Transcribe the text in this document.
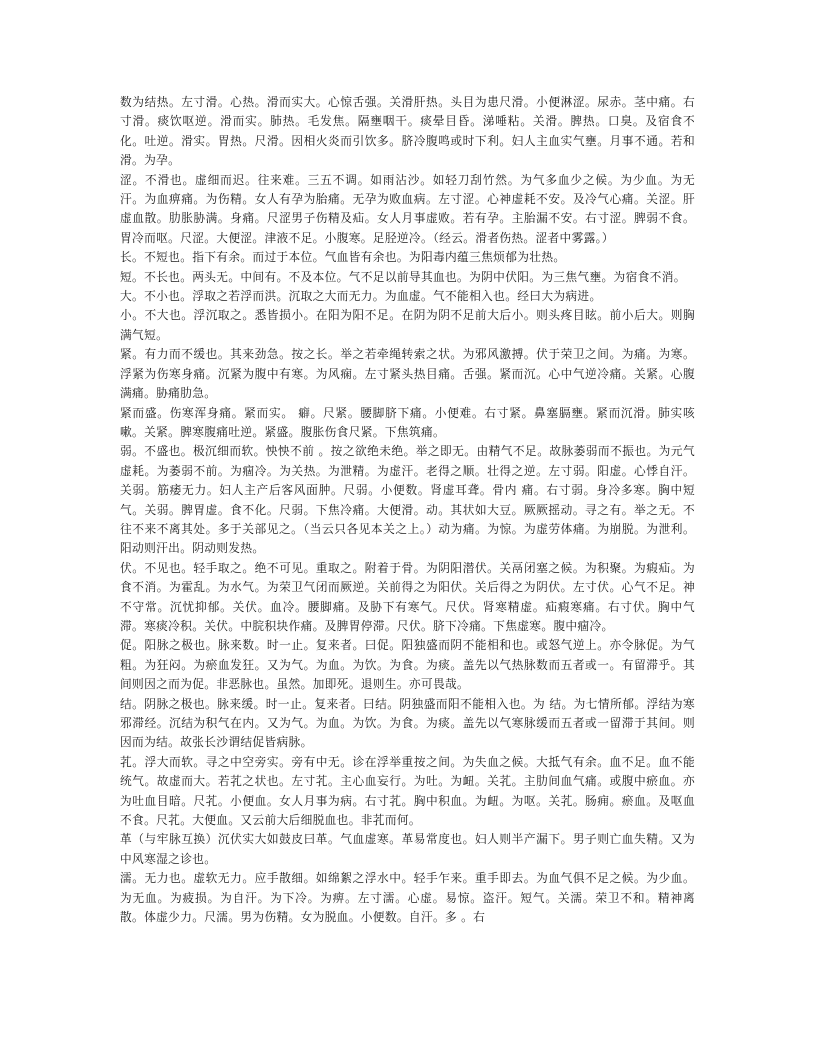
数为结热。左寸滑。心热。滑而实大。心惊舌强。关滑肝热。头目为患尺滑。小便淋涩。尿赤。茎中痛。右寸滑。痰饮呕逆。滑而实。肺热。毛发焦。隔壅咽干。痰晕目昏。涕唾粘。关滑。脾热。口臭。及宿食不化。吐逆。滑实。胃热。尺滑。因相火炎而引饮多。脐冷腹鸣或时下利。妇人主血实气壅。月事不通。若和滑。为孕。

涩。不滑也。虚细而迟。往来难。三五不调。如雨沾沙。如轻刀刮竹然。为气多血少之候。为少血。为无汗。为血痹痛。为伤精。女人有孕为胎痛。无孕为败血病。左寸涩。心神虚耗不安。及冷气心痛。关涩。肝虚血散。肋胀胁满。身痛。尺涩男子伤精及疝。女人月事虚败。若有孕。主胎漏不安。右寸涩。脾弱不食。胃冷而呕。尺涩。大便涩。津液不足。小腹寒。足胫逆冷。（经云。滑者伤热。涩者中雾露。）

长。不短也。指下有余。而过于本位。气血皆有余也。为阳毒内蕴三焦烦郁为壮热。

短。不长也。两头无。中间有。不及本位。气不足以前导其血也。为阴中伏阳。为三焦气壅。为宿食不消。

大。不小也。浮取之若浮而洪。沉取之大而无力。为血虚。气不能相入也。经曰大为病进。

小。不大也。浮沉取之。悉皆损小。在阳为阳不足。在阴为阴不足前大后小。则头疼目眩。前小后大。则胸满气短。

紧。有力而不缓也。其来劲急。按之长。举之若牵绳转索之状。为邪风激搏。伏于荣卫之间。为痛。为寒。浮紧为伤寒身痛。沉紧为腹中有寒。为风痫。左寸紧头热目痛。舌强。紧而沉。心中气逆冷痛。关紧。心腹满痛。胁痛肋急。

紧而盛。伤寒浑身痛。紧而实。 癖。尺紧。腰脚脐下痛。小便难。右寸紧。鼻塞膈壅。紧而沉滑。肺实咳嗽。关紧。脾寒腹痛吐逆。紧盛。腹胀伤食尺紧。下焦筑痛。

弱。不盛也。极沉细而软。怏怏不前 。按之欲绝未绝。举之即无。由精气不足。故脉萎弱而不振也。为元气虚耗。为萎弱不前。为痼冷。为关热。为泄精。为虚汗。老得之顺。壮得之逆。左寸弱。阳虚。心悸自汗。关弱。筋痿无力。妇人主产后客风面肿。尺弱。小便数。肾虚耳聋。骨内 痛。右寸弱。身冷多寒。胸中短气。关弱。脾胃虚。食不化。尺弱。下焦冷痛。大便滑。动。其状如大豆。厥厥摇动。寻之有。举之无。不往不来不离其处。多于关部见之。（当云只各见本关之上。）动为痛。为惊。为虚劳体痛。为崩脱。为泄利。阳动则汗出。阴动则发热。

伏。不见也。轻手取之。绝不可见。重取之。附着于骨。为阴阳潜伏。关鬲闭塞之候。为积聚。为瘕疝。为食不消。为霍乱。为水气。为荣卫气闭而厥逆。关前得之为阳伏。关后得之为阴伏。左寸伏。心气不足。神不守常。沉忧抑郁。关伏。血冷。腰脚痛。及胁下有寒气。尺伏。肾寒精虚。疝瘕寒痛。右寸伏。胸中气滞。寒痰冷积。关伏。中脘积块作痛。及脾胃停滞。尺伏。脐下冷痛。下焦虚寒。腹中痼冷。

促。阳脉之极也。脉来数。时一止。复来者。曰促。阳独盛而阴不能相和也。或怒气逆上。亦令脉促。为气粗。为狂闷。为瘀血发狂。又为气。为血。为饮。为食。为痰。盖先以气热脉数而五者或一。有留滞乎。其间则因之而为促。非恶脉也。虽然。加即死。退则生。亦可畏哉。

结。阴脉之极也。脉来缓。时一止。复来者。曰结。阴独盛而阳不能相入也。为 结。为七情所郁。浮结为寒邪滞经。沉结为积气在内。又为气。为血。为饮。为食。为痰。盖先以气寒脉缓而五者或一留滞于其间。则因而为结。故张长沙谓结促皆病脉。

芤。浮大而软。寻之中空旁实。旁有中无。诊在浮举重按之间。为失血之候。大抵气有余。血不足。血不能统气。故虚而大。若芤之状也。左寸芤。主心血妄行。为吐。为衄。关芤。主肋间血气痛。或腹中瘀血。亦为吐血目暗。尺芤。小便血。女人月事为病。右寸芤。胸中积血。为衄。为呕。关芤。肠痈。瘀血。及呕血不食。尺芤。大便血。又云前大后细脱血也。非芤而何。

革（与牢脉互换）沉伏实大如鼓皮曰革。气血虚寒。革易常度也。妇人则半产漏下。男子则亡血失精。又为中风寒湿之诊也。

濡。无力也。虚软无力。应手散细。如绵絮之浮水中。轻手乍来。重手即去。为血气俱不足之候。为少血。为无血。为疲损。为自汗。为下冷。为痹。左寸濡。心虚。易惊。盗汗。短气。关濡。荣卫不和。精神离散。体虚少力。尺濡。男为伤精。女为脱血。小便数。自汗。多 。右
